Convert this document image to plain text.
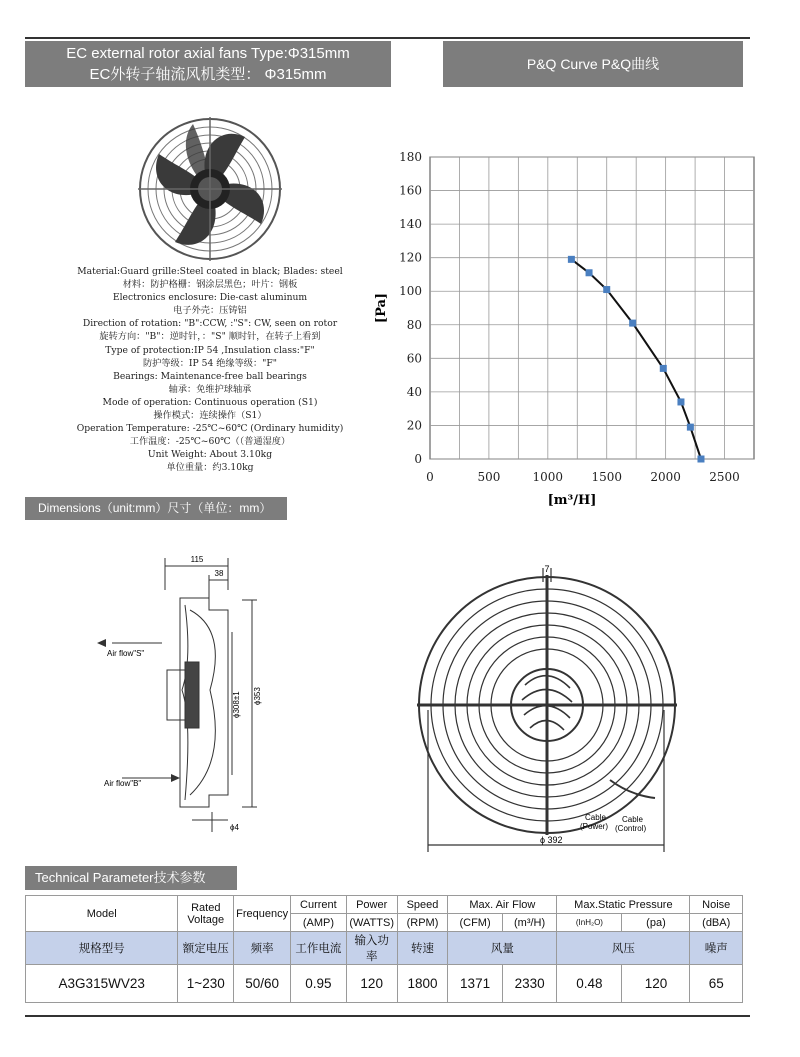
EC external rotor axial fans Type:Φ315mm
EC外转子轴流风机类型： Φ315mm
P&Q Curve P&Q曲线
Material:Guard grille:Steel coated in black; Blades: steel
材料：防护格栅：钢涂层黑色；叶片：钢板
Electronics enclosure: Die-cast aluminum
电子外壳：压铸铝
Direction of rotation: "B":CCW, :"S": CW, seen on rotor
旋转方向："B"：逆时针，："S" 顺时针，在转子上看到
Type of protection:IP 54 ,Insulation class:"F"
防护等级：IP 54 绝缘等级："F"
Bearings: Maintenance-free ball bearings
轴承：免维护球轴承
Mode of operation: Continuous operation (S1)
操作模式：连续操作（S1）
Operation Temperature: -25℃~60℃ (Ordinary humidity)
工作温度：-25℃~60℃（（普通湿度）
Unit Weight: About 3.10kg
单位重量：约3.10kg
0
20
40
60
80
100
120
140
160
180
0	500	1000 1500 2000 2500
[m³/H]
[Pa]
Dimensions（unit:mm）尺寸（单位：mm）
115
38
Air flow"S"
Air flow"B"
ϕ308±1 ϕ353
ϕ4
7
Cable
(Power)
Cable
(Control)
ϕ 392
Technical Parameter技术参数
Model	Rated Voltage	Frequency	Current	Power	Speed	Max. Air Flow		Max.Static Pressure		Noise
			(AMP)	(WATTS)	(RPM)	(CFM)	(m³/H)	(InH₂O)	(pa)	(dBA)
规格型号	额定电压	频率	工作电流	输入功率	转速	风量		风压		噪声
A3G315WV23	1~230	50/60	0.95	120	1800	1371	2330	0.48	120	65
